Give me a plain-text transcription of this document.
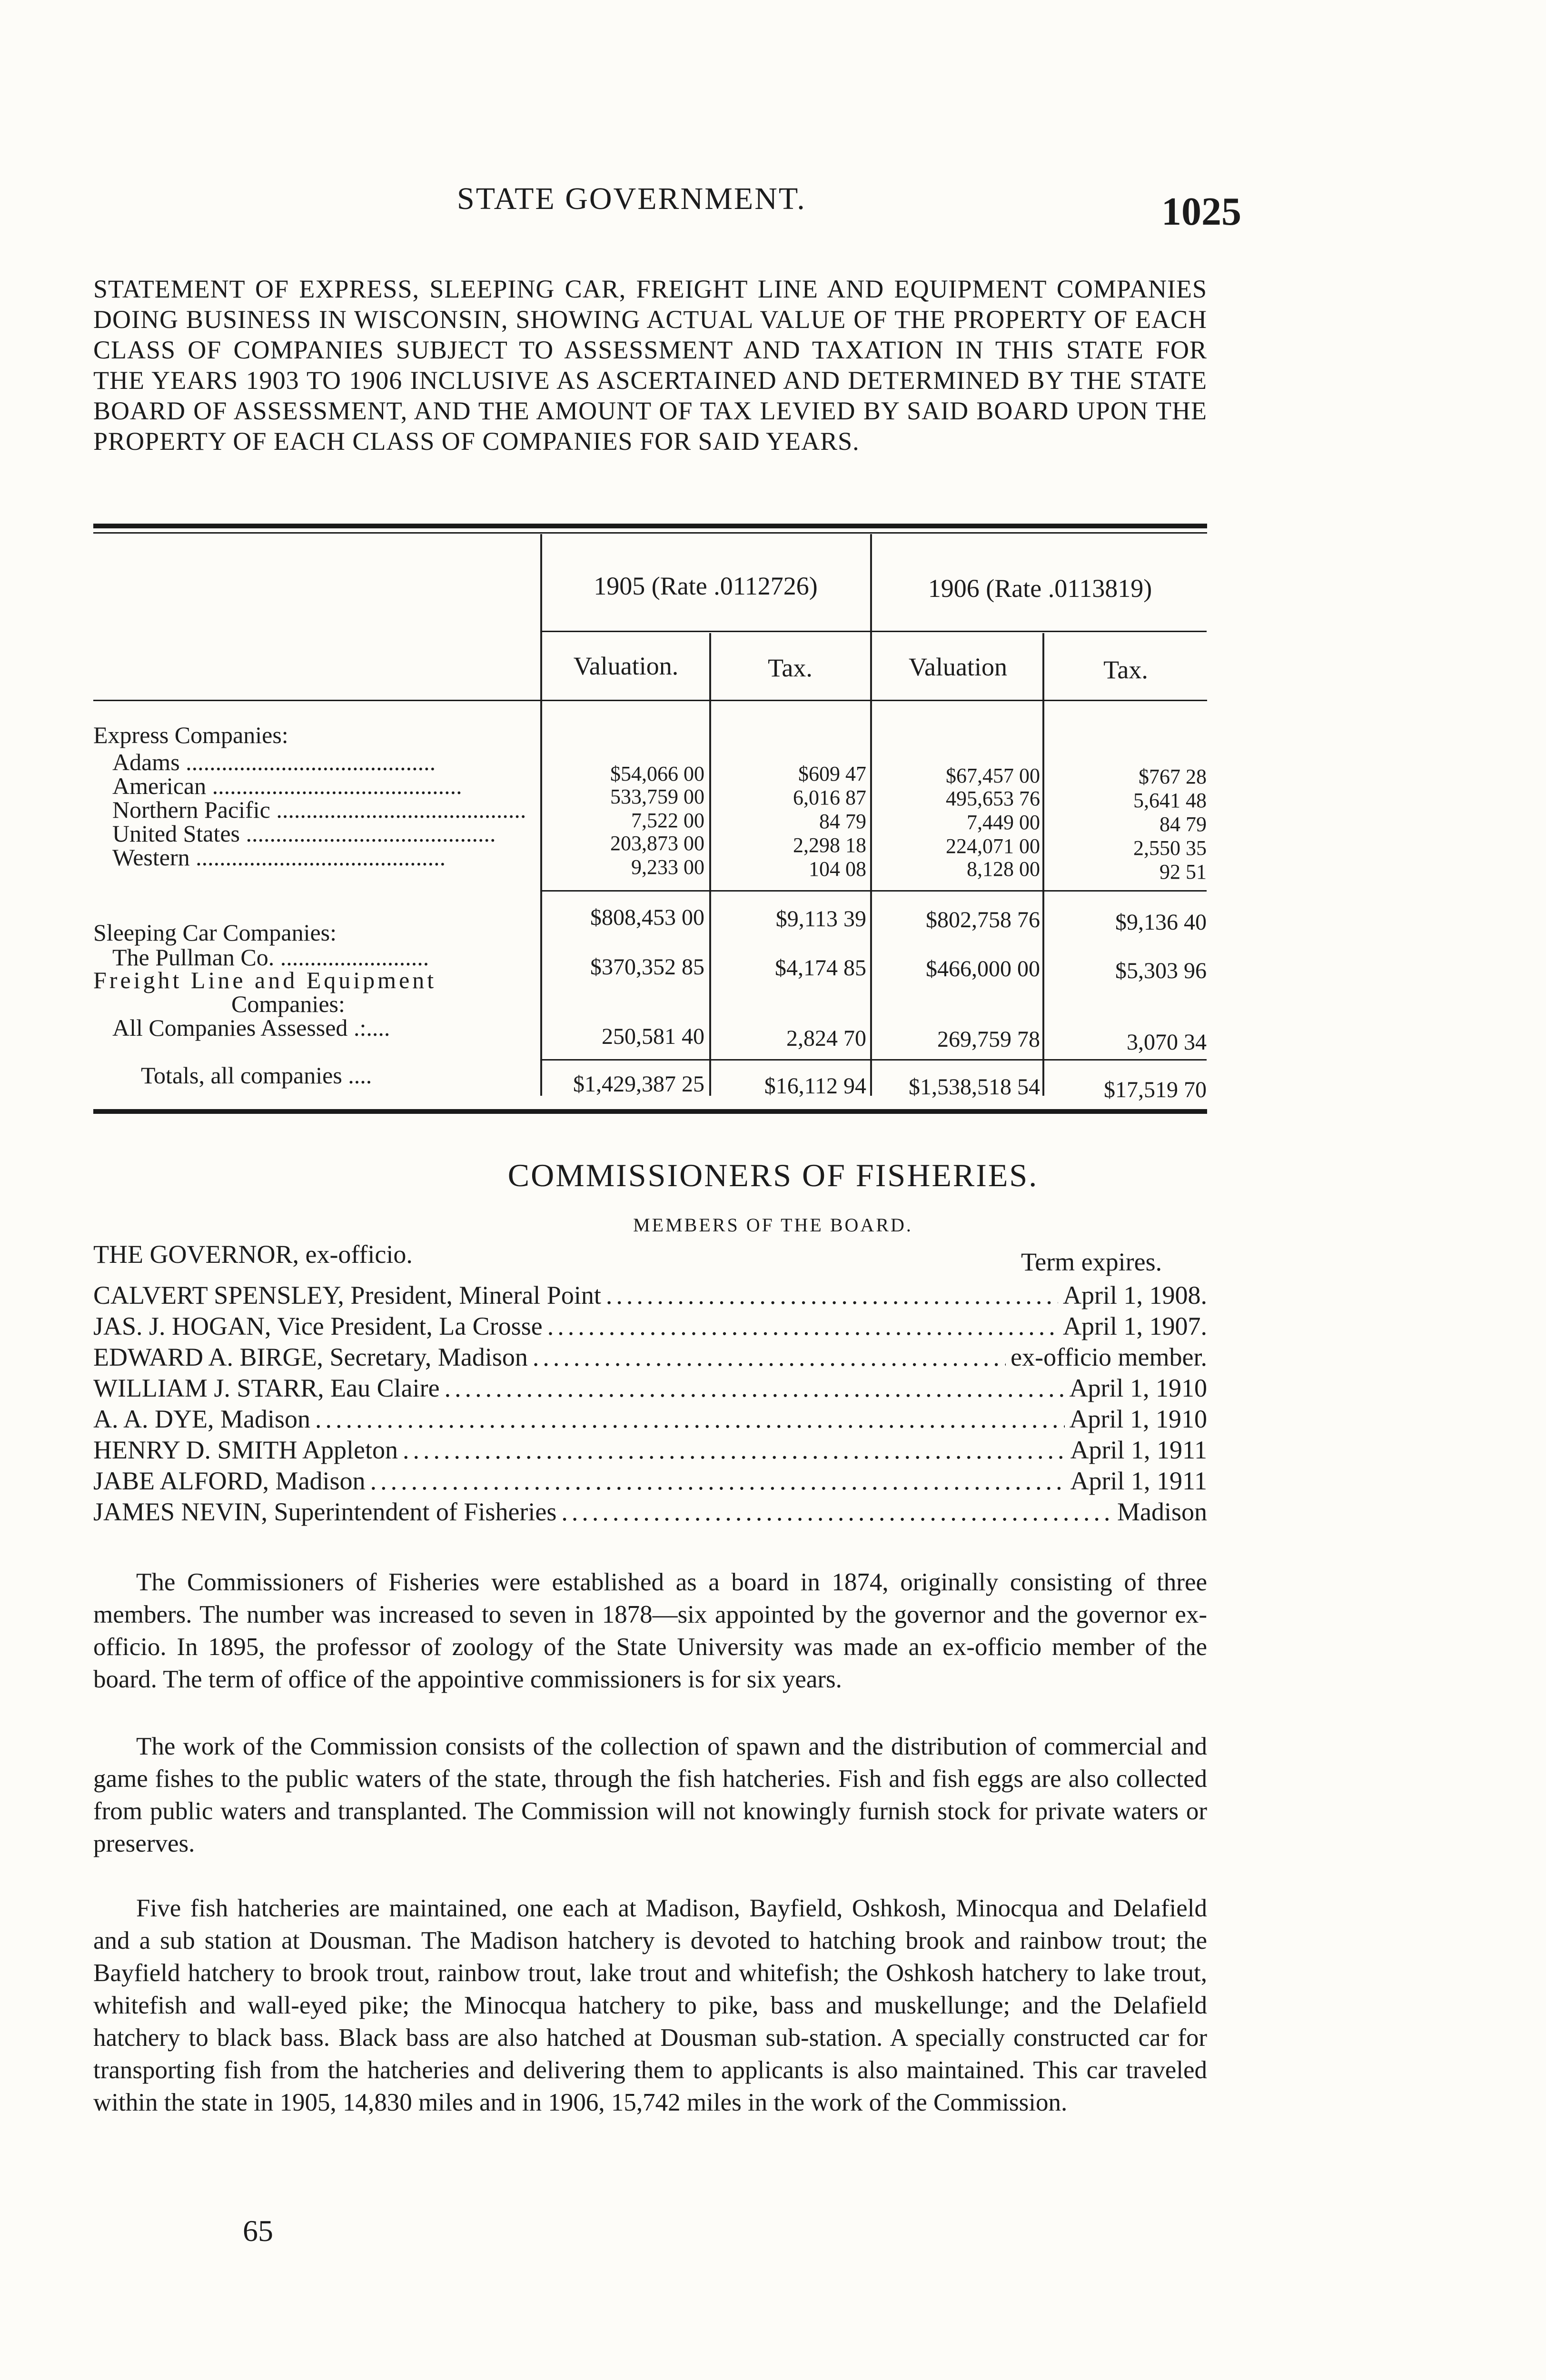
STATE GOVERNMENT.	1025
STATEMENT OF EXPRESS, SLEEPING CAR, FREIGHT LINE AND EQUIPMENT COMPANIES DOING BUSINESS IN WISCONSIN, SHOWING ACTUAL VALUE OF THE PROPERTY OF EACH CLASS OF COMPANIES SUBJECT TO ASSESSMENT AND TAXATION IN THIS STATE FOR THE YEARS 1903 TO 1906 INCLUSIVE AS ASCERTAINED AND DETERMINED BY THE STATE BOARD OF ASSESSMENT, AND THE AMOUNT OF TAX LEVIED BY SAID BOARD UPON THE PROPERTY OF EACH CLASS OF COMPANIES FOR SAID YEARS.
1905 (Rate .0112726)	1906 (Rate .0113819)
Valuation.	Tax.	Valuation	Tax.
Express Companies:
Adams ..........................................	$54,066 00	$609 47	$67,457 00	$767 28
American ..........................................	533,759 00	6,016 87	495,653 76	5,641 48
Northern Pacific ..........................................	7,522 00	84 79	7,449 00	84 79
United States ..........................................	203,873 00	2,298 18	224,071 00	2,550 35
Western ..........................................	9,233 00	104 08	8,128 00	92 51
$808,453 00	$9,113 39	$802,758 76	$9,136 40
Sleeping Car Companies:
The Pullman Co. .........................	$370,352 85	$4,174 85	$466,000 00	$5,303 96
Freight Line and Equipment
Companies:
All Companies Assessed .:....	250,581 40	2,824 70	269,759 78	3,070 34
Totals, all companies ....	$1,429,387 25	$16,112 94	$1,538,518 54	$17,519 70
COMMISSIONERS OF FISHERIES.
MEMBERS OF THE BOARD.
THE GOVERNOR, ex-officio.	Term expires.
CALVERT SPENSLEY, President, Mineral Point .....	April 1, 1908.
JAS. J. HOGAN, Vice President, La Crosse .....	April 1, 1907.
EDWARD A. BIRGE, Secretary, Madison .....	ex-officio member.
WILLIAM J. STARR, Eau Claire .....	April 1, 1910
A. A. DYE, Madison .....	April 1, 1910
HENRY D. SMITH Appleton .....	April 1, 1911
JABE ALFORD, Madison .....	April 1, 1911
JAMES NEVIN, Superintendent of Fisheries .....	Madison
The Commissioners of Fisheries were established as a board in 1874, originally consisting of three members. The number was increased to seven in 1878—six appointed by the governor and the governor ex-officio. In 1895, the professor of zoology of the State University was made an ex-officio member of the board. The term of office of the appointive commissioners is for six years.
The work of the Commission consists of the collection of spawn and the distribution of commercial and game fishes to the public waters of the state, through the fish hatcheries. Fish and fish eggs are also collected from public waters and transplanted. The Commission will not knowingly furnish stock for private waters or preserves.
Five fish hatcheries are maintained, one each at Madison, Bayfield, Oshkosh, Minocqua and Delafield and a sub station at Dousman. The Madison hatchery is devoted to hatching brook and rainbow trout; the Bayfield hatchery to brook trout, rainbow trout, lake trout and whitefish; the Oshkosh hatchery to lake trout, whitefish and wall-eyed pike; the Minocqua hatchery to pike, bass and muskellunge; and the Delafield hatchery to black bass. Black bass are also hatched at Dousman sub-station. A specially constructed car for transporting fish from the hatcheries and delivering them to applicants is also maintained. This car traveled within the state in 1905, 14,830 miles and in 1906, 15,742 miles in the work of the Commission.
65
